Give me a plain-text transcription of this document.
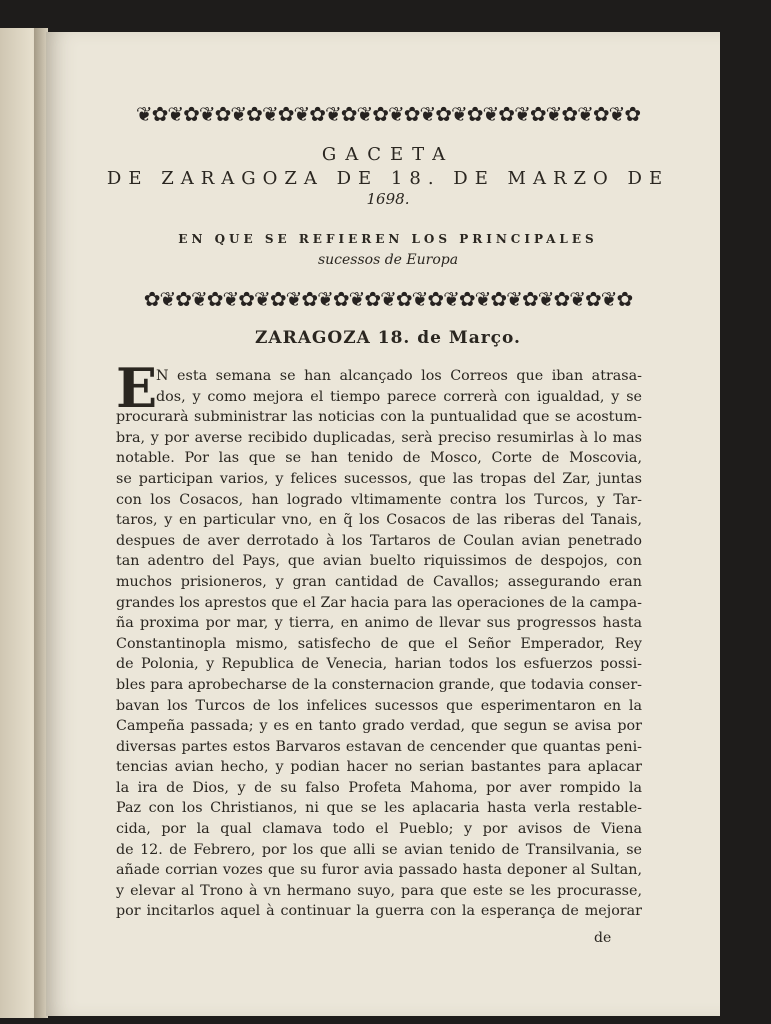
❦✿❦✿❦✿❦✿❦✿❦✿❦✿❦✿❦✿❦✿❦✿❦✿❦✿❦✿❦✿❦✿
GACETA
DE ZARAGOZA DE 18. DE MARZO DE
1698.
EN QUE SE REFIEREN LOS PRINCIPALES
sucessos de Europa
✿❦✿❦✿❦✿❦✿❦✿❦✿❦✿❦✿❦✿❦✿❦✿❦✿❦✿❦✿❦✿
ZARAGOZA 18. de Março.
E
N esta semana se han alcançado los Correos que iban atrasa-
dos, y como mejora el tiempo parece correrà con igualdad, y se
procurarà subministrar las noticias con la puntualidad que se acostum-
bra, y por averse recibido duplicadas, serà preciso resumirlas à lo mas
notable. Por las que se han tenido de Mosco, Corte de Moscovia,
se participan varios, y felices sucessos, que las tropas del Zar, juntas
con los Cosacos, han logrado vltimamente contra los Turcos, y Tar-
taros, y en particular vno, en q̃ los Cosacos de las riberas del Tanais,
despues de aver derrotado à los Tartaros de Coulan avian penetrado
tan adentro del Pays, que avian buelto riquissimos de despojos, con
muchos prisioneros, y gran cantidad de Cavallos; assegurando eran
grandes los aprestos que el Zar hacia para las operaciones de la campa-
ña proxima por mar, y tierra, en animo de llevar sus progressos hasta
Constantinopla mismo, satisfecho de que el Señor Emperador, Rey
de Polonia, y Republica de Venecia, harian todos los esfuerzos possi-
bles para aprobecharse de la consternacion grande, que todavia conser-
bavan los Turcos de los infelices sucessos que esperimentaron en la
Campeña passada; y es en tanto grado verdad, que segun se avisa por
diversas partes estos Barvaros estavan de cencender que quantas peni-
tencias avian hecho, y podian hacer no serian bastantes para aplacar
la ira de Dios, y de su falso Profeta Mahoma, por aver rompido la
Paz con los Christianos, ni que se les aplacaria hasta verla restable-
cida, por la qual clamava todo el Pueblo; y por avisos de Viena
de 12. de Febrero, por los que alli se avian tenido de Transilvania, se
añade corrian vozes que su furor avia passado hasta deponer al Sultan,
y elevar al Trono à vn hermano suyo, para que este se les procurasse,
por incitarlos aquel à continuar la guerra con la esperança de mejorar
de
